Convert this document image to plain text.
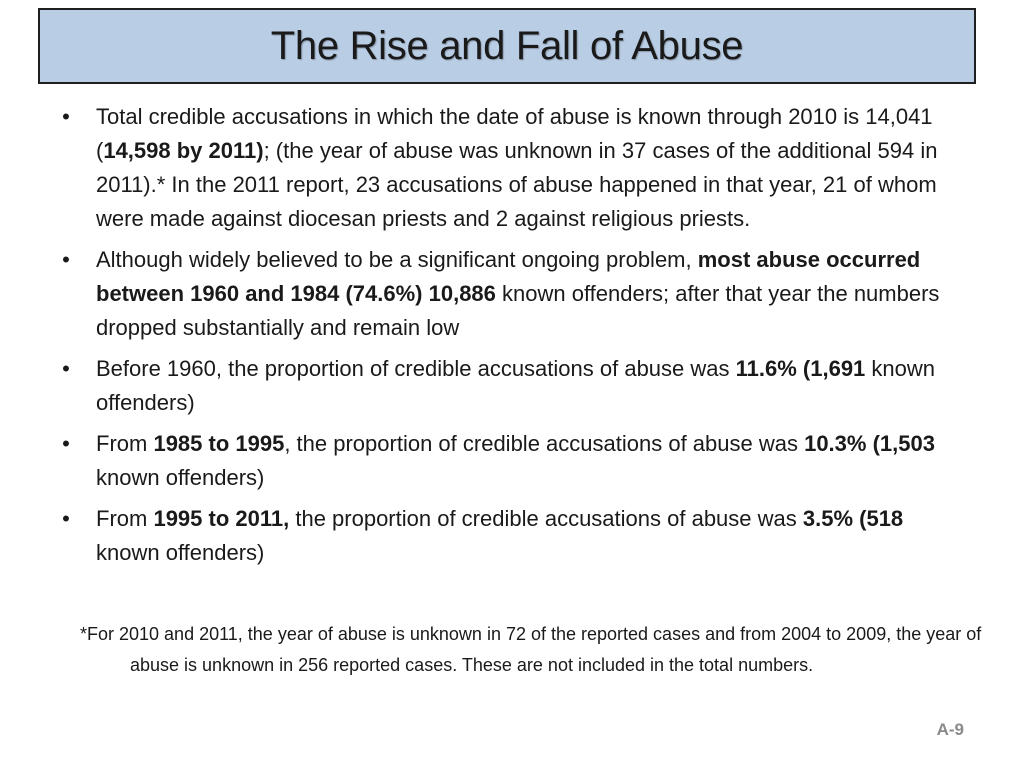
The Rise and Fall of Abuse
• Total credible accusations in which the date of abuse is known through 2010 is 14,041 (14,598 by 2011); (the year of abuse was unknown in 37 cases of the additional 594 in 2011).* In the 2011 report, 23 accusations of abuse happened in that year, 21 of whom were made against diocesan priests and 2 against religious priests.
• Although widely believed to be a significant ongoing problem, most abuse occurred between 1960 and 1984 (74.6%) 10,886 known offenders; after that year the numbers dropped substantially and remain low
• Before 1960, the proportion of credible accusations of abuse was 11.6% (1,691 known offenders)
• From 1985 to 1995, the proportion of credible accusations of abuse was 10.3% (1,503 known offenders)
• From 1995 to 2011, the proportion of credible accusations of abuse was 3.5% (518 known offenders)
*For 2010 and 2011, the year of abuse is unknown in 72 of the reported cases and from 2004 to 2009, the year of abuse is unknown in 256 reported cases. These are not included in the total numbers.
A-9
